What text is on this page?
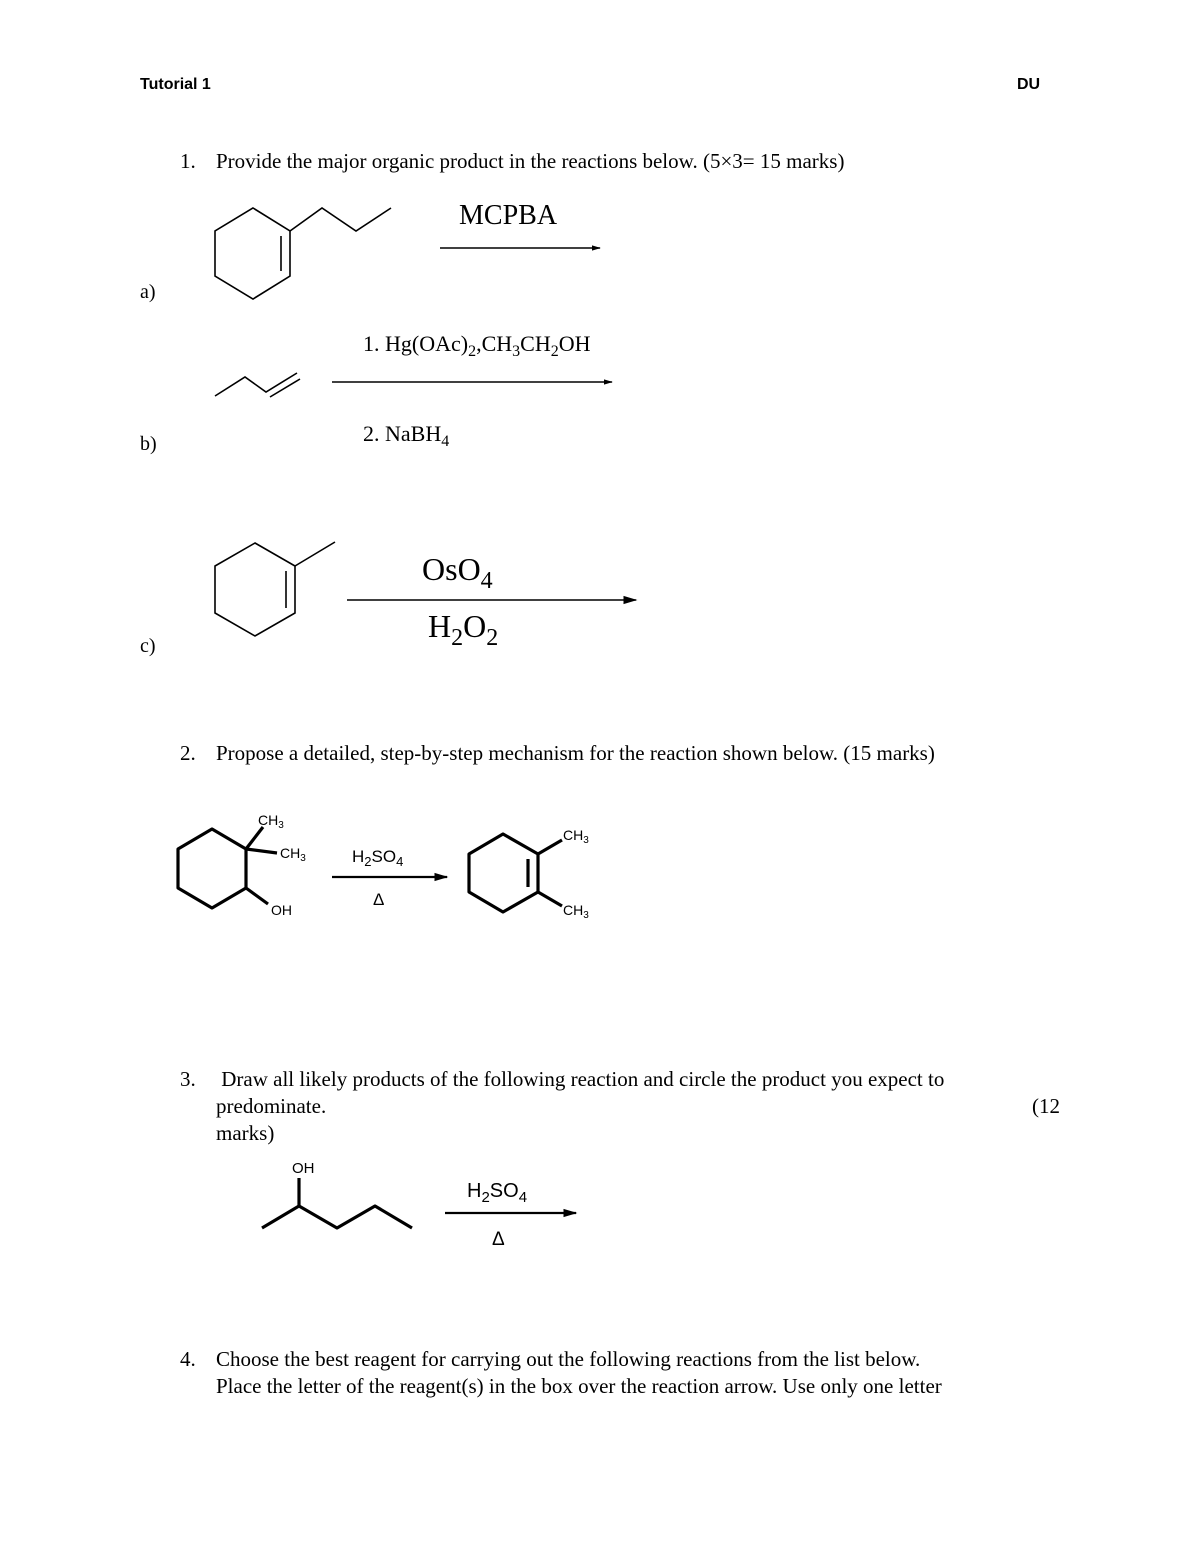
Tutorial 1	DU
1. Provide the major organic product in the reactions below. (5×3= 15 marks)
a)
b)
c)
2. Propose a detailed, step-by-step mechanism for the reaction shown below. (15 marks)
3. Draw all likely products of the following reaction and circle the product you expect to
predominate.	(12
marks)
4. Choose the best reagent for carrying out the following reactions from the list below.
Place the letter of the reagent(s) in the box over the reaction arrow. Use only one letter
MCPBA
1. $Hg(OAc)_2,CH_3CH_2OH$
2. NaBH$_4$
OsO$_4$
$H_2O_2$
$CH_3$
$CH_3$
OH
$H_2SO_4$
Δ
$CH_3$
$CH_3$
OH
$H_2SO_4$
Δ
